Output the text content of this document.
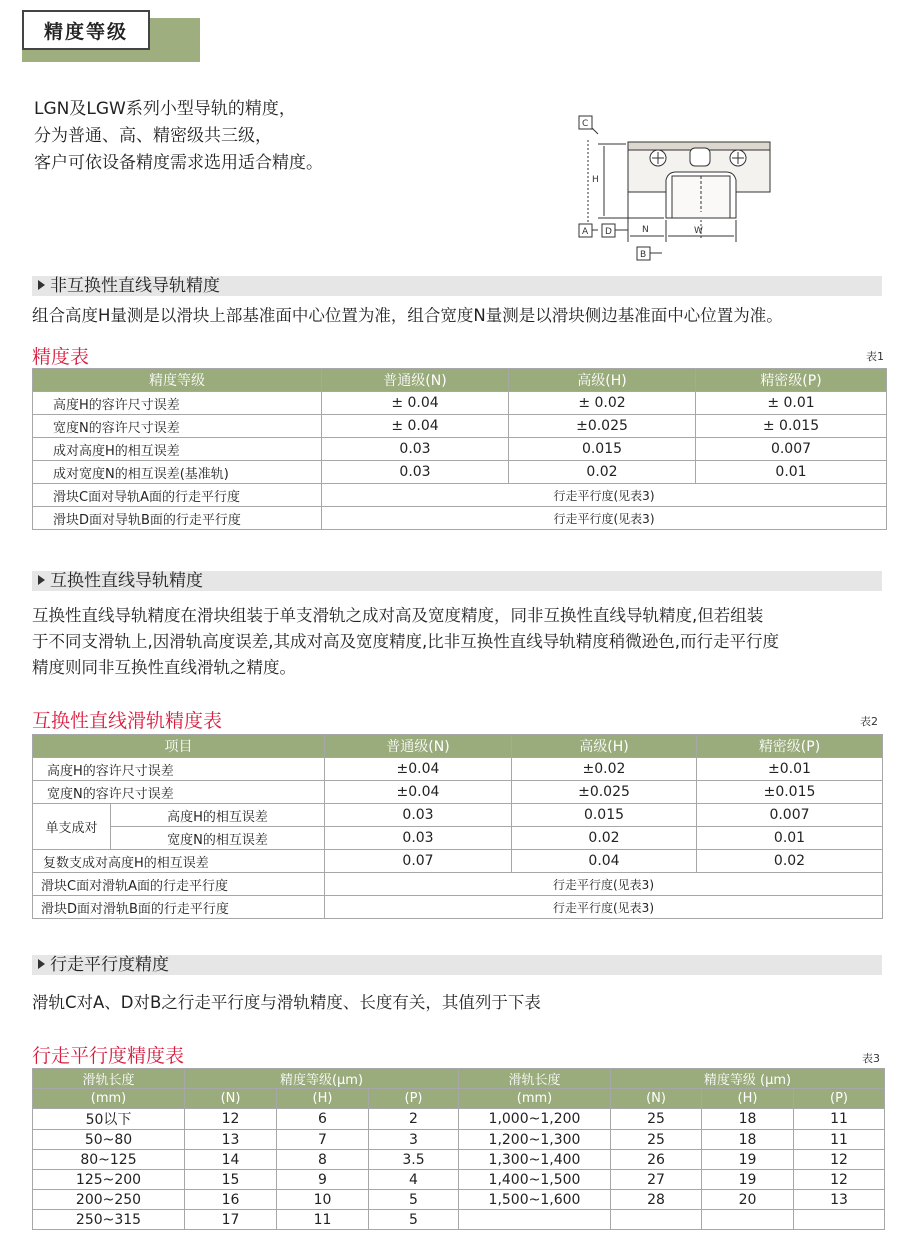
精度等级
LGN及LGW系列小型导轨的精度，
分为普通、高、精密级共三级，
客户可依设备精度需求选用适合精度。
C
H
A D	N	W
B
非互换性直线导轨精度
组合高度H量测是以滑块上部基准面中心位置为准，组合宽度N量测是以滑块侧边基准面中心位置为准。
精度表	表1
精度等级	普通级(N)	高级(H)	精密级(P)
高度H的容许尺寸误差	± 0.04	± 0.02	± 0.01
宽度N的容许尺寸误差	± 0.04	±0.025	± 0.015
成对高度H的相互误差	0.03	0.015	0.007
成对宽度N的相互误差(基准轨)	0.03	0.02	0.01
滑块C面对导轨A面的行走平行度	行走平行度(见表3)		
滑块D面对导轨B面的行走平行度	行走平行度(见表3)		
互换性直线导轨精度
互换性直线导轨精度在滑块组装于单支滑轨之成对高及宽度精度，同非互换性直线导轨精度,但若组装
于不同支滑轨上,因滑轨高度误差,其成对高及宽度精度,比非互换性直线导轨精度稍微逊色,而行走平行度
精度则同非互换性直线滑轨之精度。
互换性直线滑轨精度表	表2
项目		普通级(N)	高级(H)	精密级(P)
高度H的容许尺寸误差		±0.04	±0.02	±0.01
宽度N的容许尺寸误差		±0.04	±0.025	±0.015
单支成对	高度H的相互误差	0.03	0.015	0.007
	宽度N的相互误差	0.03	0.02	0.01
复数支成对高度H的相互误差		0.07	0.04	0.02
滑块C面对滑轨A面的行走平行度		行走平行度(见表3)		
滑块D面对滑轨B面的行走平行度		行走平行度(见表3)		
行走平行度精度
滑轨C对A、D对B之行走平行度与滑轨精度、长度有关，其值列于下表
行走平行度精度表	表3
滑轨长度	精度等级(μm)			滑轨长度	精度等级 (μm)		
(mm)	(N)	(H)	(P)	(mm)	(N)	(H)	(P)
50以下	12	6	2	1,000~1,200	25	18	11
50~80	13	7	3	1,200~1,300	25	18	11
80~125	14	8	3.5	1,300~1,400	26	19	12
125~200	15	9	4	1,400~1,500	27	19	12
200~250	16	10	5	1,500~1,600	28	20	13
250~315	17	11	5				
